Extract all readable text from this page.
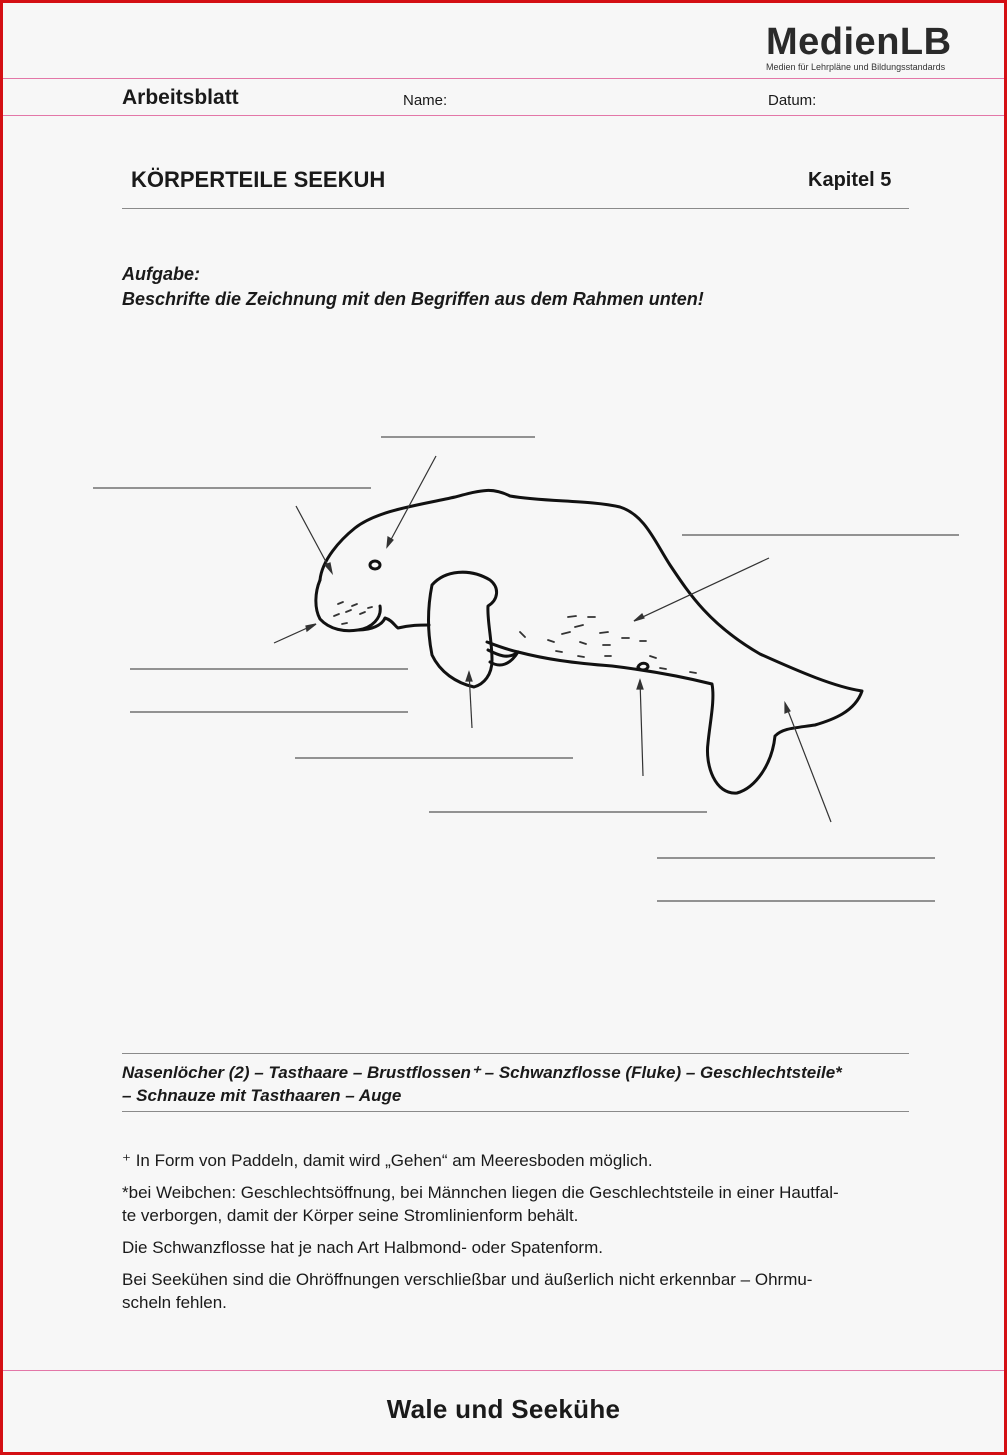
MedienLB
Medien für Lehrpläne und Bildungsstandards
Arbeitsblatt	Name:	Datum:
KÖRPERTEILE SEEKUH	Kapitel 5
Aufgabe:
Beschrifte die Zeichnung mit den Begriffen aus dem Rahmen unten!
Nasenlöcher (2) – Tasthaare – Brustflossen⁺ – Schwanzflosse (Fluke) – Geschlechtsteile*
– Schnauze mit Tasthaaren – Auge

⁺ In Form von Paddeln, damit wird „Gehen“ am Meeresboden möglich.

*bei Weibchen: Geschlechtsöffnung, bei Männchen liegen die Geschlechtsteile in einer Hautfal-
te verborgen, damit der Körper seine Stromlinienform behält.

Die Schwanzflosse hat je nach Art Halbmond- oder Spatenform.

Bei Seekühen sind die Ohröffnungen verschließbar und äußerlich nicht erkennbar – Ohrmu-
scheln fehlen.

Wale und Seekühe
